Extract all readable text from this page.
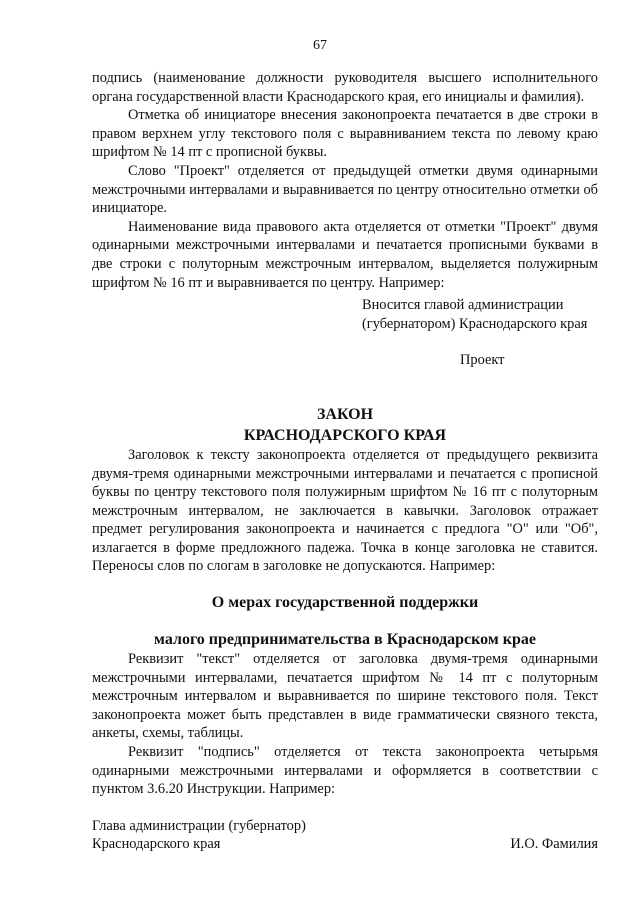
67

подпись (наименование должности руководителя высшего исполнительного органа государственной власти Краснодарского края, его инициалы и фамилия).

Отметка об инициаторе внесения законопроекта печатается в две строки в правом верхнем углу текстового поля с выравниванием текста по левому краю шрифтом № 14 пт с прописной буквы.

Слово "Проект" отделяется от предыдущей отметки двумя одинарными межстрочными интервалами и выравнивается по центру относительно отметки об инициаторе.

Наименование вида правового акта отделяется от отметки "Проект" двумя одинарными межстрочными интервалами и печатается прописными буквами в две строки с полуторным межстрочным интервалом, выделяется полужирным шрифтом № 16 пт и выравнивается по центру. Например:

Вносится главой администрации
(губернатором) Краснодарского края
Проект
ЗАКОН
КРАСНОДАРСКОГО КРАЯ

Заголовок к тексту законопроекта отделяется от предыдущего реквизита двумя-тремя одинарными межстрочными интервалами и печатается с прописной буквы по центру текстового поля полужирным шрифтом № 16 пт с полуторным межстрочным интервалом, не заключается в кавычки. Заголовок отражает предмет регулирования законопроекта и начинается с предлога "О" или "Об", излагается в форме предложного падежа. Точка в конце заголовка не ставится. Переносы слов по слогам в заголовке не допускаются. Например:

О мерах государственной поддержки
малого предпринимательства в Краснодарском крае

Реквизит "текст" отделяется от заголовка двумя-тремя одинарными межстрочными интервалами, печатается шрифтом № 14 пт с полуторным межстрочным интервалом и выравнивается по ширине текстового поля. Текст законопроекта может быть представлен в виде грамматически связного текста, анкеты, схемы, таблицы.

Реквизит "подпись" отделяется от текста законопроекта четырьмя одинарными межстрочными интервалами и оформляется в соответствии с пунктом 3.6.20 Инструкции. Например:

Глава администрации (губернатор)
Краснодарского края	И.О. Фамилия
